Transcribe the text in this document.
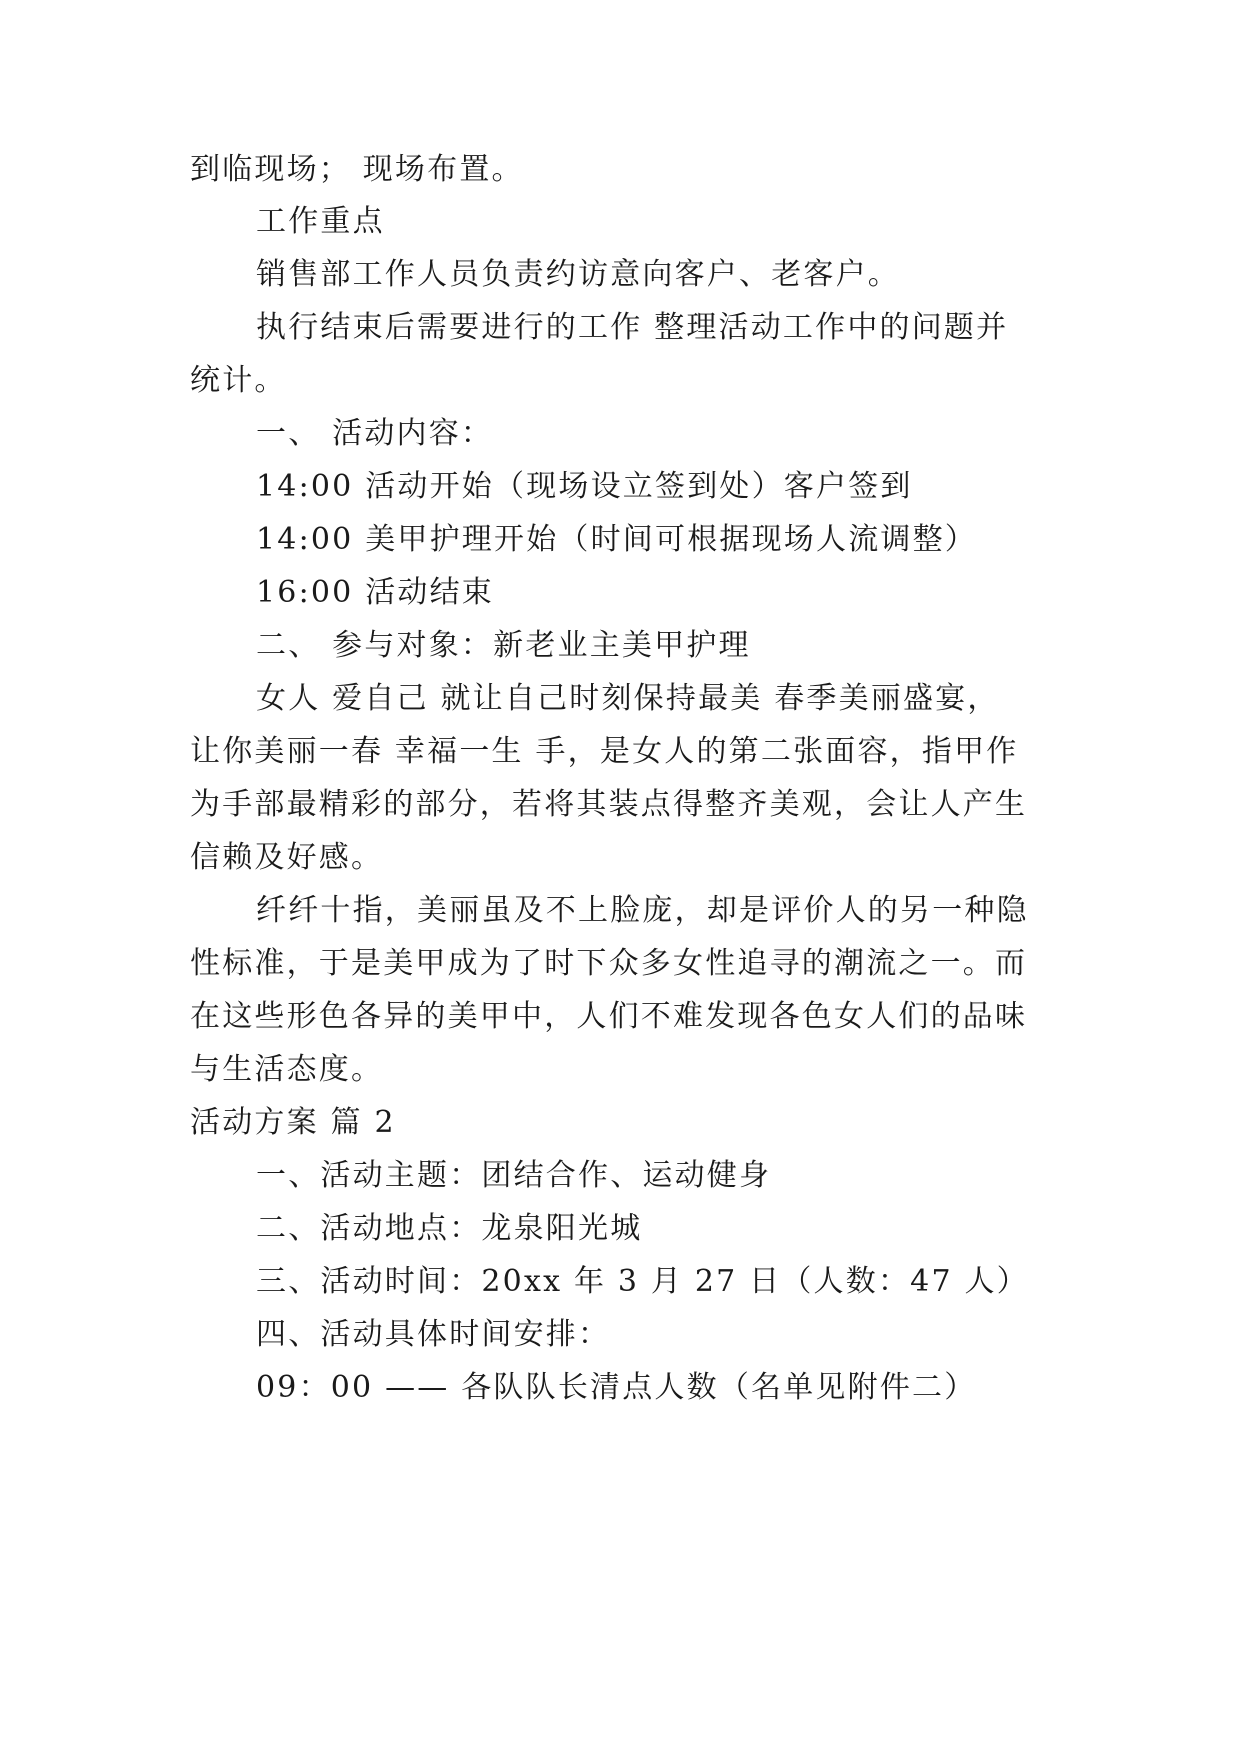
到临现场； 现场布置。
工作重点
销售部工作人员负责约访意向客户、老客户。
执行结束后需要进行的工作 整理活动工作中的问题并
统计。
一、 活动内容：
14:00 活动开始（现场设立签到处）客户签到
14:00 美甲护理开始（时间可根据现场人流调整）
16:00 活动结束
二、 参与对象：新老业主美甲护理
女人 爱自己 就让自己时刻保持最美 春季美丽盛宴，
让你美丽一春 幸福一生 手，是女人的第二张面容，指甲作
为手部最精彩的部分，若将其装点得整齐美观，会让人产生
信赖及好感。
纤纤十指，美丽虽及不上脸庞，却是评价人的另一种隐
性标准，于是美甲成为了时下众多女性追寻的潮流之一。而
在这些形色各异的美甲中，人们不难发现各色女人们的品味
与生活态度。
活动方案 篇 2
一、活动主题：团结合作、运动健身
二、活动地点：龙泉阳光城
三、活动时间：20xx 年 3 月 27 日（人数：47 人）
四、活动具体时间安排：
09：00 —— 各队队长清点人数（名单见附件二）
